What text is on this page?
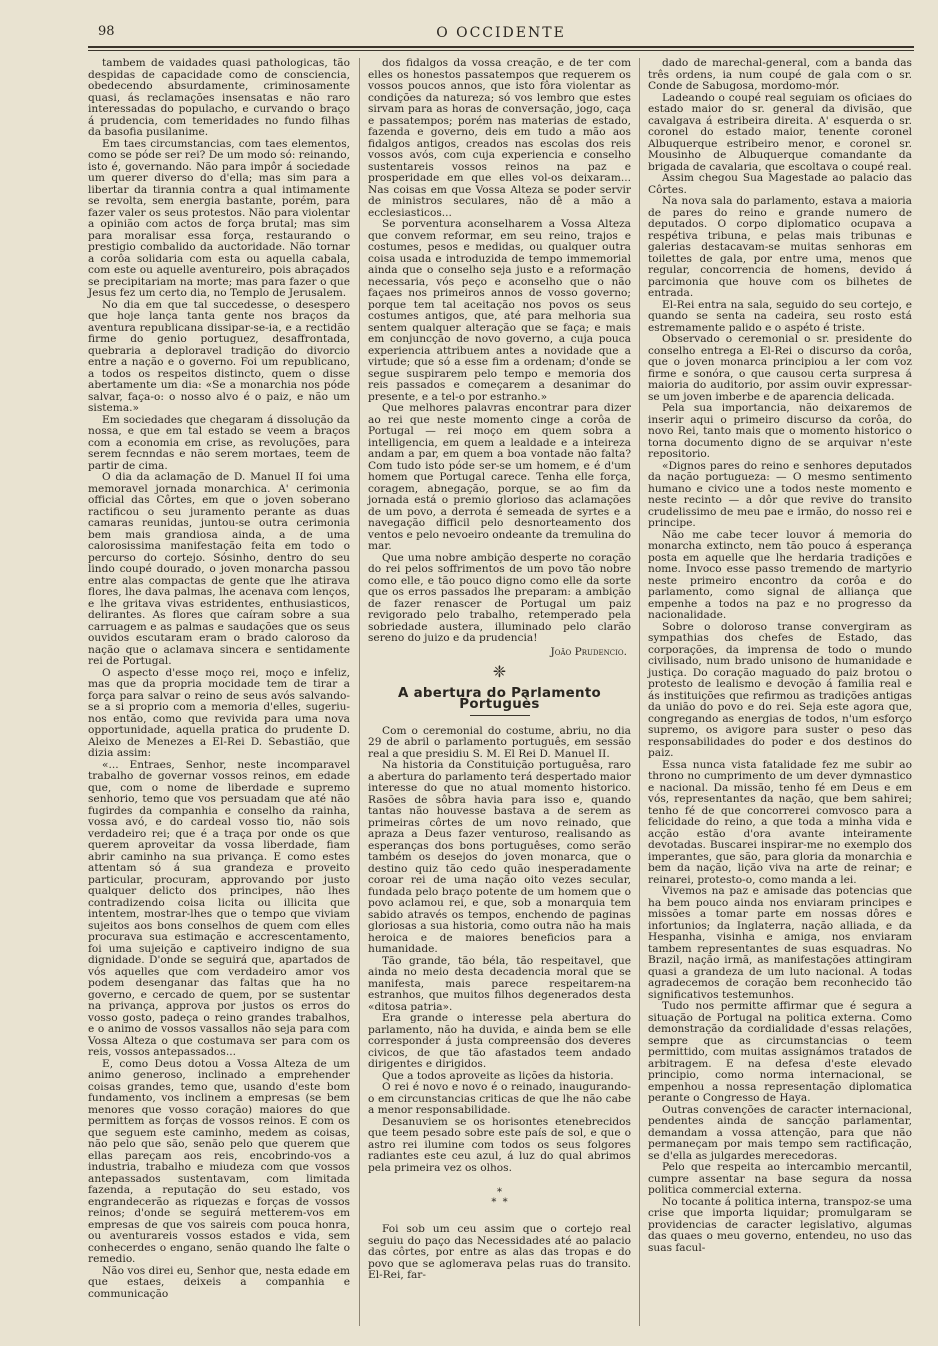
98	O OCCIDENTE

tambem de vaidades quasi pathologicas, tão despidas de capacidade como de consciencia, obedecendo absurdamente, criminosamente quasi, ás reclamações insensatas e não raro interessadas do populacho, e curvando o braço á prudencia, com temeridades no fundo filhas da basofia pusilanime.

Em taes circumstancias, com taes elementos, como se póde ser rei? De um modo só: reinando, isto é, governando. Não para impôr á sociedade um querer diverso do d'ella; mas sim para a libertar da tirannia contra a qual intimamente se revolta, sem energia bastante, porém, para fazer valer os seus protestos. Não para violentar a opinião com actos de força brutal; mas sim para moralisar essa força, restaurando o prestigio combalido da auctoridade. Não tornar a corôa solidaria com esta ou aquella cabala, com este ou aquelle aventureiro, pois abraçados se precipitariam na morte; mas para fazer o que Jesus fez um certo dia, no Templo de Jerusalem.

No dia em que tal succedesse, o desespero que hoje lança tanta gente nos braços da aventura republicana dissipar-se-ia, e a rectidão firme do genio portuguez, desaffrontada, quebraria a deploravel tradição do divorcio entre a nação e o governo. Foi um republicano, a todos os respeitos distincto, quem o disse abertamente um dia: «Se a monarchia nos póde salvar, faça-o: o nosso alvo é o paiz, e não um sistema.»

Em sociedades que chegaram á dissolução da nossa, e que em tal estado se veem a braços com a economia em crise, as revoluções, para serem fecnndas e não serem mortaes, teem de partir de cima.

O dia da aclamação de D. Manuel II foi uma memoravel jornada monarchica. A' cerimonia official das Côrtes, em que o joven soberano ractificou o seu juramento perante as duas camaras reunidas, juntou-se outra cerimonia bem mais grandiosa ainda, a de uma calorosissima manifestação feita em todo o percurso do cortejo. Sósinho, dentro do seu lindo coupé dourado, o joven monarcha passou entre alas compactas de gente que lhe atirava flores, lhe dava palmas, lhe acenava com lenços, e lhe gritava vivas estridentes, enthusiasticos, delirantes. As flores que caíram sobre a sua carruagem e as palmas e saudações que os seus ouvidos escutaram eram o brado caloroso da nação que o aclamava sincera e sentidamente rei de Portugal.

O aspecto d'esse moço rei, moço e infeliz, mas que da propria mocidade tem de tirar a força para salvar o reino de seus avós salvando-se a si proprio com a memoria d'elles, sugeriu-nos então, como que revivida para uma nova opportunidade, aquella pratica do prudente D. Aleixo de Menezes a El-Rei D. Sebastião, que dizia assim:

«... Entraes, Senhor, neste incomparavel trabalho de governar vossos reinos, em edade que, com o nome de liberdade e supremo senhorio, temo que vos persuadam que até não fugirdes da companhia e conselho da rainha, vossa avó, e do cardeal vosso tio, não sois verdadeiro rei; que é a traça por onde os que querem aproveitar da vossa liberdade, fiam abrir caminho na sua privança. E como estes attentam só á sua grandeza e proveito particular, procuram, approvando por justo qualquer delicto dos principes, não lhes contradizendo coisa licita ou illicita que intentem, mostrar-lhes que o tempo que viviam sujeitos aos bons conselhos de quem com elles procurava sua estimação e accrescentamento, foi uma sujeição e captiveiro indigno de sua dignidade. D'onde se seguirá que, apartados de vós aquelles que com verdadeiro amor vos podem desenganar das faltas que ha no governo, e cercado de quem, por se sustentar na privança, approva por justos os erros do vosso gosto, padeça o reino grandes trabalhos, e o animo de vossos vassallos não seja para com Vossa Alteza o que costumava ser para com os reis, vossos antepassados...

E, como Deus dotou a Vossa Alteza de um animo generoso, inclinado a emprehender coisas grandes, temo que, usando d'este bom fundamento, vos inclinem a empresas (se bem menores que vosso coração) maiores do que permittem as forças de vossos reinos. E com os que seguem este caminho, medem as coisas, não pelo que são, senão pelo que querem que ellas pareçam aos reis, encobrindo-vos a industria, trabalho e miudeza com que vossos antepassados sustentavam, com limitada fazenda, a reputação do seu estado, vos engrandecerão as riquezas e forças de vossos reinos; d'onde se seguirá metterem-vos em empresas de que vos saireis com pouca honra, ou aventurareis vossos estados e vida, sem conhecerdes o engano, senão quando lhe falte o remedio.

Não vos direi eu, Senhor que, nesta edade em que estaes, deixeis a companhia e communicação

dos fidalgos da vossa creação, e de ter com elles os honestos passatempos que requerem os vossos poucos annos, que isto fôra violentar as condições da natureza; só vos lembro que estes sirvam para as horas de conversação, jogo, caça e passatempos; porém nas materias de estado, fazenda e governo, deis em tudo a mão aos fidalgos antigos, creados nas escolas dos reis vossos avós, com cuja experiencia e conselho sustentareis vossos reinos na paz e prosperidade em que elles vol-os deixaram... Nas coisas em que Vossa Alteza se poder servir de ministros seculares, não dê a mão a ecclesiasticos...

Se porventura aconselharem a Vossa Alteza que convem reformar, em seu reino, trajos e costumes, pesos e medidas, ou qualquer outra coisa usada e introduzida de tempo immemorial ainda que o conselho seja justo e a reformação necessaria, vós peço e aconselho que o não façaes nos primeiros annos de vosso governo; porque tem tal aceitação nos povos os seus costumes antigos, que, até para melhoria sua sentem qualquer alteração que se faça; e mais em conjuncção de novo governo, a cuja pouca experiencia attribuem antes a novidade que a virtude; que só a esse fim a ordenam; d'onde se segue suspirarem pelo tempo e memoria dos reis passados e começarem a desanimar do presente, e a tel-o por estranho.»

Que melhores palavras encontrar para dizer ao rei que neste momento cinge a corôa de Portugal — rei moço em quem sobra a intelligencia, em quem a lealdade e a inteireza andam a par, em quem a boa vontade não falta? Com tudo isto póde ser-se um homem, e é d'um homem que Portugal carece. Tenha elle força, coragem, abnegação, porque, se ao fim da jornada está o premio glorioso das aclamações de um povo, a derrota é semeada de syrtes e a navegação difficil pelo desnorteamento dos ventos e pelo nevoeiro ondeante da tremulina do mar.

Que uma nobre ambição desperte no coração do rei pelos soffrimentos de um povo tão nobre como elle, e tão pouco digno como elle da sorte que os erros passados lhe preparam: a ambição de fazer renascer de Portugal um paiz revigorado pelo trabalho, retemperado pela sobriedade austera, illuminado pelo clarão sereno do juizo e da prudencia!

João Prudencio.
❈
A abertura do Parlamento Portuguès

Com o ceremonial do costume, abriu, no dia 29 de abril o parlamento português, em sessão real a que presidiu S. M. El Rei D. Manuel II.

Na historia da Constituição portuguêsa, raro a abertura do parlamento terá despertado maior interesse do que no atual momento historico. Rasões de sôbra havia para isso e, quando tantas não houvesse bastava a de serem as primeiras côrtes de um novo reinado, que apraza a Deus fazer venturoso, realisando as esperanças dos bons portuguêses, como serão também os desejos do joven monarca, que o destino quiz tão cedo quão inesperadamente coroar rei de uma nação oito vezes secular, fundada pelo braço potente de um homem que o povo aclamou rei, e que, sob a monarquia tem sabido através os tempos, enchendo de paginas gloriosas a sua historia, como outra não ha mais heroica e de maiores beneficios para a humanidade.

Tão grande, tão béla, tão respeitavel, que ainda no meio desta decadencia moral que se manifesta, mais parece respeitarem-na estranhos, que muitos filhos degenerados desta «ditosa patria».

Era grande o interesse pela abertura do parlamento, não ha duvida, e ainda bem se elle corresponder á justa compreensão dos deveres civicos, de que tão afastados teem andado dirigentes e dirigidos.

Que a todos aproveite as lições da historia.

O rei é novo e novo é o reinado, inaugurando-o em circunstancias criticas de que lhe não cabe a menor responsabilidade.

Desanuviem se os horisontes etenebrecidos que teem pesado sobre este país de sol, e que o astro rei ilumine com todos os seus folgores radiantes este ceu azul, á luz do qual abrimos pela primeira vez os olhos.

*
*  *

Foi sob um ceu assim que o cortejo real seguiu do paço das Necessidades até ao palacio das côrtes, por entre as alas das tropas e do povo que se aglomerava pelas ruas do transito. El-Rei, far-

dado de marechal-general, com a banda das três ordens, ia num coupé de gala com o sr. Conde de Sabugosa, mordomo-mór.

Ladeando o coupé real seguiam os oficiaes do estado maior do sr. general da divisão, que cavalgava á estribeira direita. A' esquerda o sr. coronel do estado maior, tenente coronel Albuquerque estribeiro menor, e coronel sr. Mousinho de Albuquerque comandante da brigada de cavalaria, que escoltava o coupé real.

Assim chegou Sua Magestade ao palacio das Côrtes.

Na nova sala do parlamento, estava a maioria de pares do reino e grande numero de deputados. O corpo diplomatico ocupava a respétiva tribuna, e pelas mais tribunas e galerias destacavam-se muitas senhoras em toilettes de gala, por entre uma, menos que regular, concorrencia de homens, devido á parcimonia que houve com os bilhetes de entrada.

El-Rei entra na sala, seguido do seu cortejo, e quando se senta na cadeira, seu rosto está estremamente palido e o aspéto é triste.

Observado o ceremonial o sr. presidente do conselho entrega a El-Rei o discurso da corôa, que o joven monarca principiou a ler com voz firme e sonóra, o que causou certa surpresa á maioria do auditorio, por assim ouvir expressar-se um joven imberbe e de aparencia delicada.

Pela sua importancia, não deixaremos de inserir aqui o primeiro discurso da corôa, do novo Rei, tanto mais que o momento historico o torna documento digno de se arquivar n'este repositorio.

«Dignos pares do reino e senhores deputados da nação portugueza: — O mesmo sentimento humano e civico une a todos neste momento e neste recinto — a dôr que revive do transito crudelissimo de meu pae e irmão, do nosso rei e principe.

Não me cabe tecer louvor á memoria do monarcha extincto, nem tão pouco á esperança posta em aquelle que lhe herdaria tradições e nome. Invoco esse passo tremendo de martyrio neste primeiro encontro da corôa e do parlamento, como signal de alliança que empenhe a todos na paz e no progresso da nacionalidade.

Sobre o doloroso transe convergiram as sympathias dos chefes de Estado, das corporações, da imprensa de todo o mundo civilisado, num brado unisono de humanidade e justiça. Do coração maguado do paiz brotou o protesto de lealismo e devoção á familia real e ás instituições que refirmou as tradições antigas da união do povo e do rei. Seja este agora que, congregando as energias de todos, n'um esforço supremo, os avigore para suster o peso das responsabilidades do poder e dos destinos do paiz.

Essa nunca vista fatalidade fez me subir ao throno no cumprimento de um dever dymnastico e nacional. Da missão, tenho fé em Deus e em vós, representantes da nação, que bem sahirei; tenho fé de que concorrerei comvosco para a felicidade do reino, a que toda a minha vida e acção estão d'ora avante inteiramente devotadas. Buscarei inspirar-me no exemplo dos imperantes, que são, para gloria da monarchia e bem da nação, lição viva na arte de reinar; e reinarei, protesto-o, como manda a lei.

Vivemos na paz e amisade das potencias que ha bem pouco ainda nos enviaram principes e missões a tomar parte em nossas dôres e infortunios; da Inglaterra, nação alliada, e da Hespanha, visinha e amiga, nos enviaram tambem representantes de suas esquadras. No Brazil, nação irmã, as manifestações attingiram quasi a grandeza de um luto nacional. A todas agradecemos de coração bem reconhecido tão significativos testemunhos.

Tudo nos permitte affirmar que é segura a situação de Portugal na politica externa. Como demonstração da cordialidade d'essas relações, sempre que as circumstancias o teem permittido, com muitas assignámos tratados de arbitragem. E na defesa d'este elevado principio, como norma internacional, se empenhou a nossa representação diplomatica perante o Congresso de Haya.

Outras convenções de caracter internacional, pendentes ainda de sancção parlamentar, demandam a vossa attenção, para que não permaneçam por mais tempo sem ractificação, se d'ella as julgardes merecedoras.

Pelo que respeita ao intercambio mercantil, cumpre assentar na base segura da nossa politica commercial externa.

No tocante á politica interna, transpoz-se uma crise que importa liquidar; promulgaram se providencias de caracter legislativo, algumas das quaes o meu governo, entendeu, no uso das suas facul-
